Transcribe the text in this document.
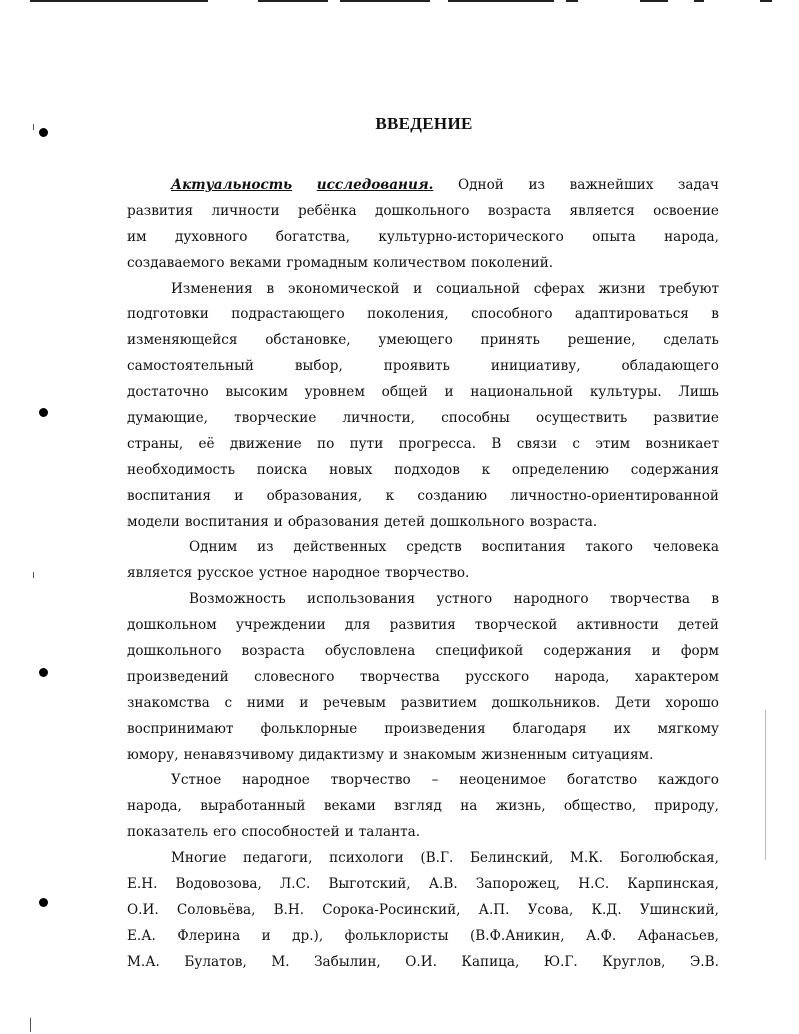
ВВЕДЕНИЕ
Актуальность исследования. Одной из важнейших задач
развития личности ребёнка дошкольного возраста является освоение
им духовного богатства, культурно-исторического опыта народа,
создаваемого веками громадным количеством поколений.
Изменения в экономической и социальной сферах жизни требуют
подготовки подрастающего поколения, способного адаптироваться в
изменяющейся обстановке, умеющего принять решение, сделать
самостоятельный	выбор,	проявить	инициативу,	обладающего
достаточно высоким уровнем общей и национальной культуры. Лишь
думающие, творческие личности, способны осуществить развитие
страны, её движение по пути прогресса. В связи с этим возникает
необходимость поиска новых подходов к определению содержания
воспитания и образования, к созданию личностно-ориентированной
модели воспитания и образования детей дошкольного возраста.
Одним из действенных средств воспитания такого человека
является русское устное народное творчество.
Возможность использования устного народного творчества в
дошкольном учреждении для развития творческой активности детей
дошкольного возраста обусловлена спецификой содержания и форм
произведений словесного творчества русского народа, характером
знакомства с ними и речевым развитием дошкольников. Дети хорошо
воспринимают фольклорные произведения благодаря их мягкому
юмору, ненавязчивому дидактизму и знакомым жизненным ситуациям.
Устное народное творчество – неоценимое богатство каждого
народа, выработанный веками взгляд на жизнь, общество, природу,
показатель его способностей и таланта.
Многие педагоги, психологи (В.Г. Белинский, М.К. Боголюбская,
Е.Н. Водовозова, Л.С. Выготский, А.В. Запорожец, Н.С. Карпинская,
О.И. Соловьёва, В.Н. Сорока-Росинский, А.П. Усова, К.Д. Ушинский,
Е.А. Флерина и др.), фольклористы (В.Ф.Аникин, А.Ф. Афанасьев,
М.А. Булатов, М. Забылин, О.И. Капица, Ю.Г. Круглов, Э.В.
